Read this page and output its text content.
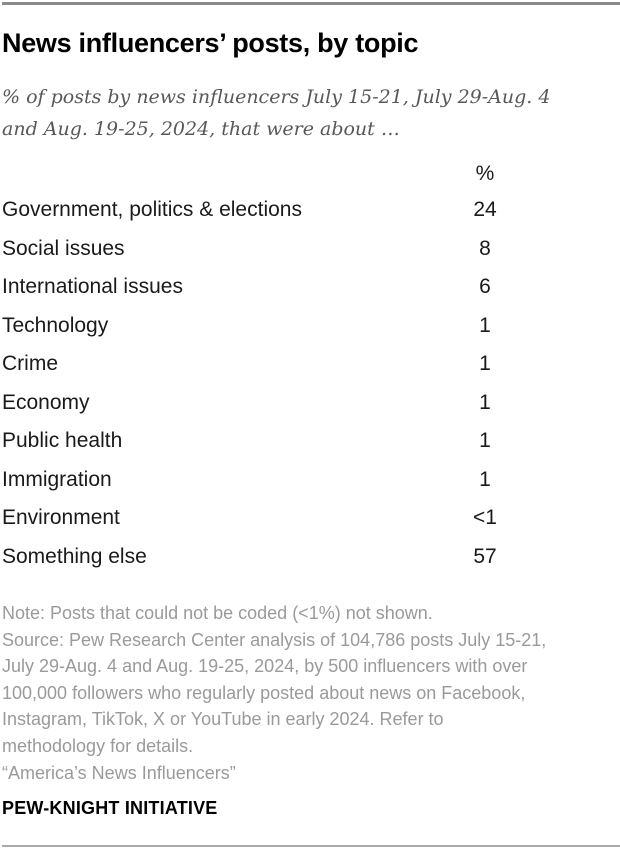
News influencers’ posts, by topic
% of posts by news influencers July 15-21, July 29-Aug. 4
and Aug. 19-25, 2024, that were about …
%
Government, politics & elections	24
Social issues	8
International issues	6
Technology	1
Crime	1
Economy	1
Public health	1
Immigration	1
Environment	<1
Something else	57
Note: Posts that could not be coded (<1%) not shown.
Source: Pew Research Center analysis of 104,786 posts July 15-21,
July 29-Aug. 4 and Aug. 19-25, 2024, by 500 influencers with over
100,000 followers who regularly posted about news on Facebook,
Instagram, TikTok, X or YouTube in early 2024. Refer to
methodology for details.
“America’s News Influencers”
PEW-KNIGHT INITIATIVE
